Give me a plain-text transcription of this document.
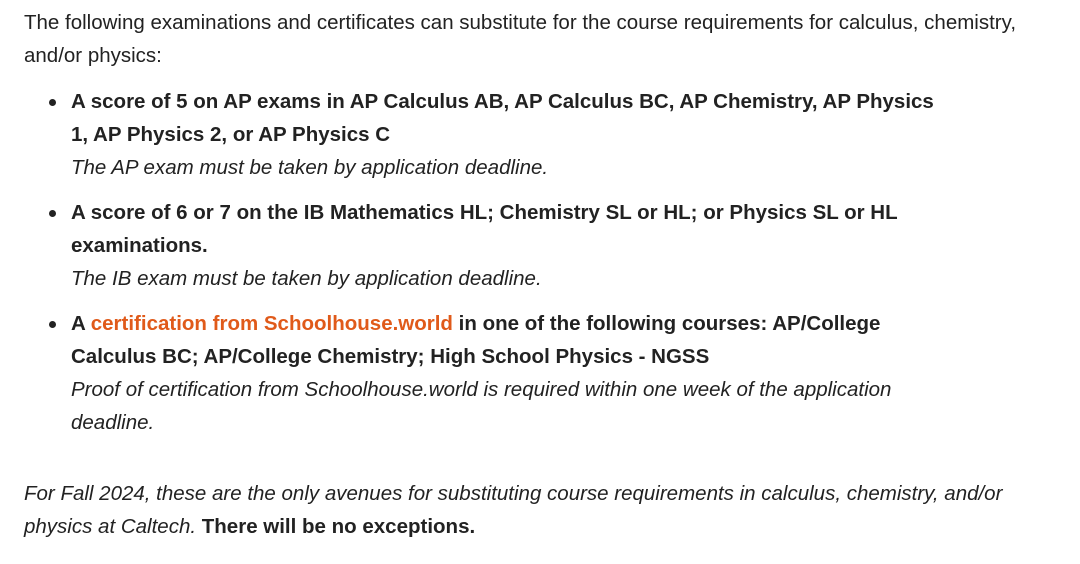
The following examinations and certificates can substitute for the course requirements for calculus, chemistry, and/or physics:

A score of 5 on AP exams in AP Calculus AB, AP Calculus BC, AP Chemistry, AP Physics 1, AP Physics 2, or AP Physics C
The AP exam must be taken by application deadline.
A score of 6 or 7 on the IB Mathematics HL; Chemistry SL or HL; or Physics SL or HL examinations.
The IB exam must be taken by application deadline.
A certification from Schoolhouse.world in one of the following courses: AP/College Calculus BC; AP/College Chemistry; High School Physics - NGSS
Proof of certification from Schoolhouse.world is required within one week of the application deadline.

For Fall 2024, these are the only avenues for substituting course requirements in calculus, chemistry, and/or physics at Caltech. There will be no exceptions.
